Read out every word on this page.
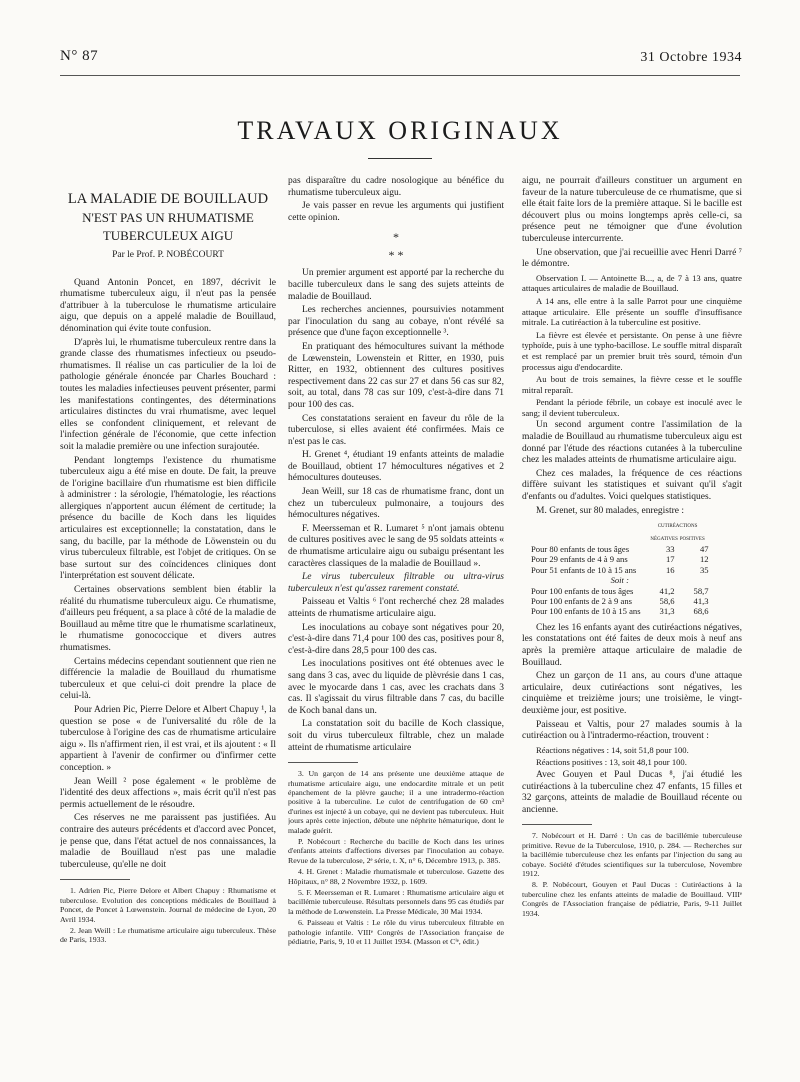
N° 87	31 Octobre 1934
TRAVAUX ORIGINAUX

LA MALADIE DE BOUILLAUD

N'EST PAS UN RHUMATISME

TUBERCULEUX AIGU

Par le Prof. P. NOBÉCOURT

Quand Antonin Poncet, en 1897, décrivit le rhumatisme tuberculeux aigu, il n'eut pas la pensée d'attribuer à la tuberculose le rhumatisme articulaire aigu, que depuis on a appelé maladie de Bouillaud, dénomination qui évite toute confusion.

D'après lui, le rhumatisme tuberculeux rentre dans la grande classe des rhumatismes infectieux ou pseudo-rhumatismes. Il réalise un cas particulier de la loi de pathologie générale énoncée par Charles Bouchard : toutes les maladies infectieuses peuvent présenter, parmi les manifestations contingentes, des déterminations articulaires distinctes du vrai rhumatisme, avec lequel elles se confondent cliniquement, et relevant de l'infection générale de l'économie, que cette infection soit la maladie première ou une infection surajoutée.

Pendant longtemps l'existence du rhumatisme tuberculeux aigu a été mise en doute. De fait, la preuve de l'origine bacillaire d'un rhumatisme est bien difficile à administrer : la sérologie, l'hématologie, les réactions allergiques n'apportent aucun élément de certitude; la présence du bacille de Koch dans les liquides articulaires est exceptionnelle; la constatation, dans le sang, du bacille, par la méthode de Löwenstein ou du virus tuberculeux filtrable, est l'objet de critiques. On se base surtout sur des coïncidences cliniques dont l'interprétation est souvent délicate.

Certaines observations semblent bien établir la réalité du rhumatisme tuberculeux aigu. Ce rhumatisme, d'ailleurs peu fréquent, a sa place à côté de la maladie de Bouillaud au même titre que le rhumatisme scarlatineux, le rhumatisme gonococcique et divers autres rhumatismes.

Certains médecins cependant soutiennent que rien ne différencie la maladie de Bouillaud du rhumatisme tuberculeux et que celui-ci doit prendre la place de celui-là.

Pour Adrien Pic, Pierre Delore et Albert Chapuy ¹, la question se pose « de l'universalité du rôle de la tuberculose à l'origine des cas de rhumatisme articulaire aigu ». Ils n'affirment rien, il est vrai, et ils ajoutent : « Il appartient à l'avenir de confirmer ou d'infirmer cette conception. »

Jean Weill ² pose également « le problème de l'identité des deux affections », mais écrit qu'il n'est pas permis actuellement de le résoudre.

Ces réserves ne me paraissent pas justifiées. Au contraire des auteurs précédents et d'accord avec Poncet, je pense que, dans l'état actuel de nos connaissances, la maladie de Bouillaud n'est pas une maladie tuberculeuse, qu'elle ne doit

1. Adrien Pic, Pierre Delore et Albert Chapuy : Rhumatisme et tuberculose. Evolution des conceptions médicales de Bouillaud à Poncet, de Poncet à Lœwenstein. Journal de médecine de Lyon, 20 Avril 1934.

2. Jean Weill : Le rhumatisme articulaire aigu tuberculeux. Thèse de Paris, 1933.

pas disparaître du cadre nosologique au bénéfice du rhumatisme tuberculeux aigu.

Je vais passer en revue les arguments qui justifient cette opinion.

*

* *

Un premier argument est apporté par la recherche du bacille tuberculeux dans le sang des sujets atteints de maladie de Bouillaud.

Les recherches anciennes, poursuivies notamment par l'inoculation du sang au cobaye, n'ont révélé sa présence que d'une façon exceptionnelle ³.

En pratiquant des hémocultures suivant la méthode de Lœwenstein, Lowenstein et Ritter, en 1930, puis Ritter, en 1932, obtiennent des cultures positives respectivement dans 22 cas sur 27 et dans 56 cas sur 82, soit, au total, dans 78 cas sur 109, c'est-à-dire dans 71 pour 100 des cas.

Ces constatations seraient en faveur du rôle de la tuberculose, si elles avaient été confirmées. Mais ce n'est pas le cas.

H. Grenet ⁴, étudiant 19 enfants atteints de maladie de Bouillaud, obtient 17 hémocultures négatives et 2 hémocultures douteuses.

Jean Weill, sur 18 cas de rhumatisme franc, dont un chez un tuberculeux pulmonaire, a toujours des hémocultures négatives.

F. Meersseman et R. Lumaret ⁵ n'ont jamais obtenu de cultures positives avec le sang de 95 soldats atteints « de rhumatisme articulaire aigu ou subaigu présentant les caractères classiques de la maladie de Bouillaud ».

Le virus tuberculeux filtrable ou ultra-virus tuberculeux n'est qu'assez rarement constaté.

Paisseau et Valtis ⁶ l'ont recherché chez 28 malades atteints de rhumatisme articulaire aigu.

Les inoculations au cobaye sont négatives pour 20, c'est-à-dire dans 71,4 pour 100 des cas, positives pour 8, c'est-à-dire dans 28,5 pour 100 des cas.

Les inoculations positives ont été obtenues avec le sang dans 3 cas, avec du liquide de plèvrésie dans 1 cas, avec le myocarde dans 1 cas, avec les crachats dans 3 cas. Il s'agissait du virus filtrable dans 7 cas, du bacille de Koch banal dans un.

La constatation soit du bacille de Koch classique, soit du virus tuberculeux filtrable, chez un malade atteint de rhumatisme articulaire

3. Un garçon de 14 ans présente une deuxième attaque de rhumatisme articulaire aigu, une endocardite mitrale et un petit épanchement de la plèvre gauche; il a une intradermo-réaction positive à la tuberculine. Le culot de centrifugation de 60 cm³ d'urines est injecté à un cobaye, qui ne devient pas tuberculeux. Huit jours après cette injection, débute une néphrite hématurique, dont le malade guérit.

P. Nobécourt : Recherche du bacille de Koch dans les urines d'enfants atteints d'affections diverses par l'inoculation au cobaye. Revue de la tuberculose, 2ᵉ série, t. X, n° 6, Décembre 1913, p. 385.

4. H. Grenet : Maladie rhumatismale et tuberculose. Gazette des Hôpitaux, n° 88, 2 Novembre 1932, p. 1609.

5. F. Meersseman et R. Lumaret : Rhumatisme articulaire aigu et bacillémie tuberculeuse. Résultats personnels dans 95 cas étudiés par la méthode de Lœwenstein. La Presse Médicale, 30 Mai 1934.

6. Paisseau et Valtis : Le rôle du virus tuberculeux filtrable en pathologie infantile. VIIIᵉ Congrès de l'Association française de pédiatrie, Paris, 9, 10 et 11 Juillet 1934. (Masson et Cⁱᵉ, édit.)

aigu, ne pourrait d'ailleurs constituer un argument en faveur de la nature tuberculeuse de ce rhumatisme, que si elle était faite lors de la première attaque. Si le bacille est découvert plus ou moins longtemps après celle-ci, sa présence peut ne témoigner que d'une évolution tuberculeuse intercurrente.

Une observation, que j'ai recueillie avec Henri Darré ⁷ le démontre.

Observation I. — Antoinette B..., a, de 7 à 13 ans, quatre attaques articulaires de maladie de Bouillaud.

A 14 ans, elle entre à la salle Parrot pour une cinquième attaque articulaire. Elle présente un souffle d'insuffisance mitrale. La cutiréaction à la tuberculine est positive.

La fièvre est élevée et persistante. On pense à une fièvre typhoïde, puis à une typho-bacillose. Le souffle mitral disparaît et est remplacé par un premier bruit très sourd, témoin d'un processus aigu d'endocardite.

Au bout de trois semaines, la fièvre cesse et le souffle mitral reparaît.

Pendant la période fébrile, un cobaye est inoculé avec le sang; il devient tuberculeux.

Un second argument contre l'assimilation de la maladie de Bouillaud au rhumatisme tuberculeux aigu est donné par l'étude des réactions cutanées à la tuberculine chez les malades atteints de rhumatisme articulaire aigu.

Chez ces malades, la fréquence de ces réactions diffère suivant les statistiques et suivant qu'il s'agit d'enfants ou d'adultes. Voici quelques statistiques.

M. Grenet, sur 80 malades, enregistre :

	cutiréactions	
	négatives positives	
Pour 80 enfants de tous âges	33	47
Pour 29 enfants de 4 à 9 ans	17	12
Pour 51 enfants de 10 à 15 ans	16	35
Soit :		
Pour 100 enfants de tous âges	41,2	58,7
Pour 100 enfants de 2 à 9 ans	58,6	41,3
Pour 100 enfants de 10 à 15 ans	31,3	68,6

Chez les 16 enfants ayant des cutiréactions négatives, les constatations ont été faites de deux mois à neuf ans après la première attaque articulaire de maladie de Bouillaud.

Chez un garçon de 11 ans, au cours d'une attaque articulaire, deux cutiréactions sont négatives, les cinquième et treizième jours; une troisième, le vingt-deuxième jour, est positive.

Paisseau et Valtis, pour 27 malades soumis à la cutiréaction ou à l'intradermo-réaction, trouvent :

Réactions négatives : 14, soit 51,8 pour 100.

Réactions positives : 13, soit 48,1 pour 100.

Avec Gouyen et Paul Ducas ⁸, j'ai étudié les cutiréactions à la tuberculine chez 47 enfants, 15 filles et 32 garçons, atteints de maladie de Bouillaud récente ou ancienne.

7. Nobécourt et H. Darré : Un cas de bacillémie tuberculeuse primitive. Revue de la Tuberculose, 1910, p. 284. — Recherches sur la bacillémie tuberculeuse chez les enfants par l'injection du sang au cobaye. Société d'études scientifiques sur la tuberculose, Novembre 1912.

8. P. Nobécourt, Gouyen et Paul Ducas : Cutiréactions à la tuberculine chez les enfants atteints de maladie de Bouillaud. VIIIᵉ Congrès de l'Association française de pédiatrie, Paris, 9-11 Juillet 1934.
